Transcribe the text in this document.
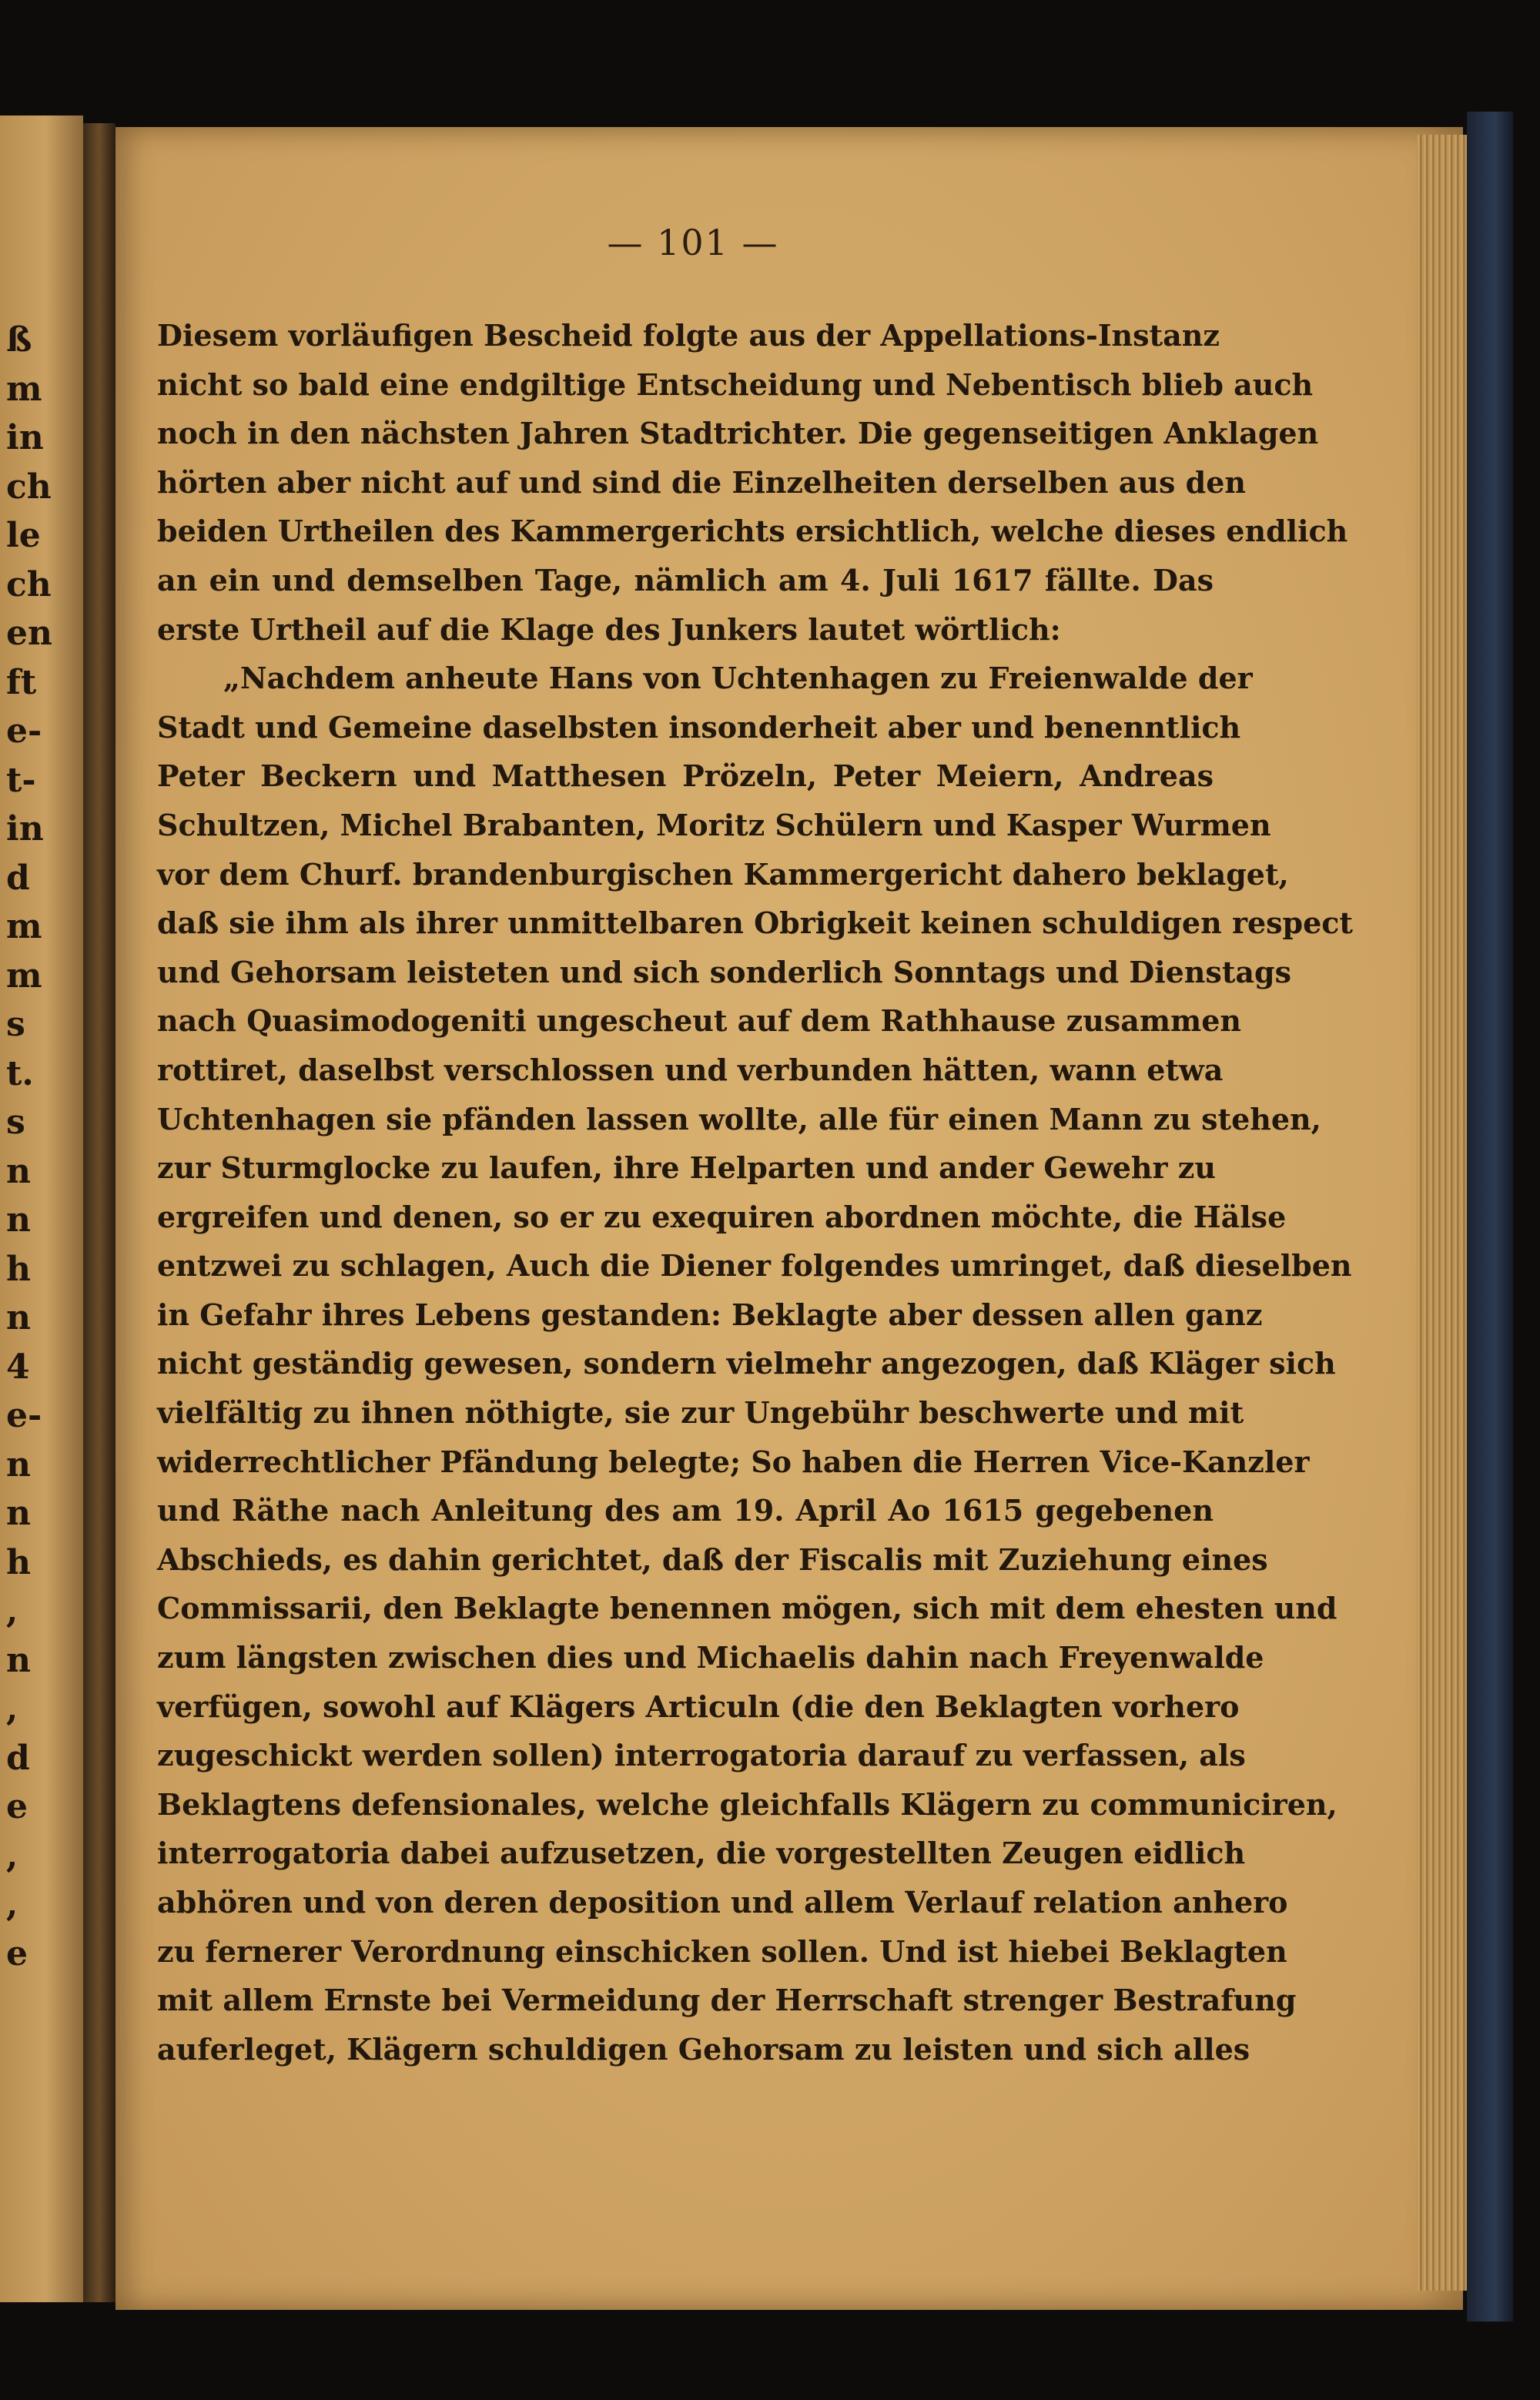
ß
m
in
ch
le
ch
en
ft
e-
t-
in
d
m
m
s
t.
s
n
n
h
n
4
e-
n
n
h
,
n
,
d
e
,
,
e
— 101 —
Diesem vorläufigen Bescheid folgte aus der Appellations-Instanz
nicht so bald eine endgiltige Entscheidung und Nebentisch blieb auch
noch in den nächsten Jahren Stadtrichter. Die gegenseitigen Anklagen
hörten aber nicht auf und sind die Einzelheiten derselben aus den
beiden Urtheilen des Kammergerichts ersichtlich, welche dieses endlich
an ein und demselben Tage, nämlich am 4. Juli 1617 fällte. Das
erste Urtheil auf die Klage des Junkers lautet wörtlich:
„Nachdem anheute Hans von Uchtenhagen zu Freienwalde der
Stadt und Gemeine daselbsten insonderheit aber und benenntlich
Peter Beckern und Matthesen Prözeln, Peter Meiern, Andreas
Schultzen, Michel Brabanten, Moritz Schülern und Kasper Wurmen
vor dem Churf. brandenburgischen Kammergericht dahero beklaget,
daß sie ihm als ihrer unmittelbaren Obrigkeit keinen schuldigen respect
und Gehorsam leisteten und sich sonderlich Sonntags und Dienstags
nach Quasimodogeniti ungescheut auf dem Rathhause zusammen
rottiret, daselbst verschlossen und verbunden hätten, wann etwa
Uchtenhagen sie pfänden lassen wollte, alle für einen Mann zu stehen,
zur Sturmglocke zu laufen, ihre Helparten und ander Gewehr zu
ergreifen und denen, so er zu exequiren abordnen möchte, die Hälse
entzwei zu schlagen, Auch die Diener folgendes umringet, daß dieselben
in Gefahr ihres Lebens gestanden: Beklagte aber dessen allen ganz
nicht geständig gewesen, sondern vielmehr angezogen, daß Kläger sich
vielfältig zu ihnen nöthigte, sie zur Ungebühr beschwerte und mit
widerrechtlicher Pfändung belegte; So haben die Herren Vice-Kanzler
und Räthe nach Anleitung des am 19. April Ao 1615 gegebenen
Abschieds, es dahin gerichtet, daß der Fiscalis mit Zuziehung eines
Commissarii, den Beklagte benennen mögen, sich mit dem ehesten und
zum längsten zwischen dies und Michaelis dahin nach Freyenwalde
verfügen, sowohl auf Klägers Articuln (die den Beklagten vorhero
zugeschickt werden sollen) interrogatoria darauf zu verfassen, als
Beklagtens defensionales, welche gleichfalls Klägern zu communiciren,
interrogatoria dabei aufzusetzen, die vorgestellten Zeugen eidlich
abhören und von deren deposition und allem Verlauf relation anhero
zu fernerer Verordnung einschicken sollen. Und ist hiebei Beklagten
mit allem Ernste bei Vermeidung der Herrschaft strenger Bestrafung
auferleget, Klägern schuldigen Gehorsam zu leisten und sich alles
